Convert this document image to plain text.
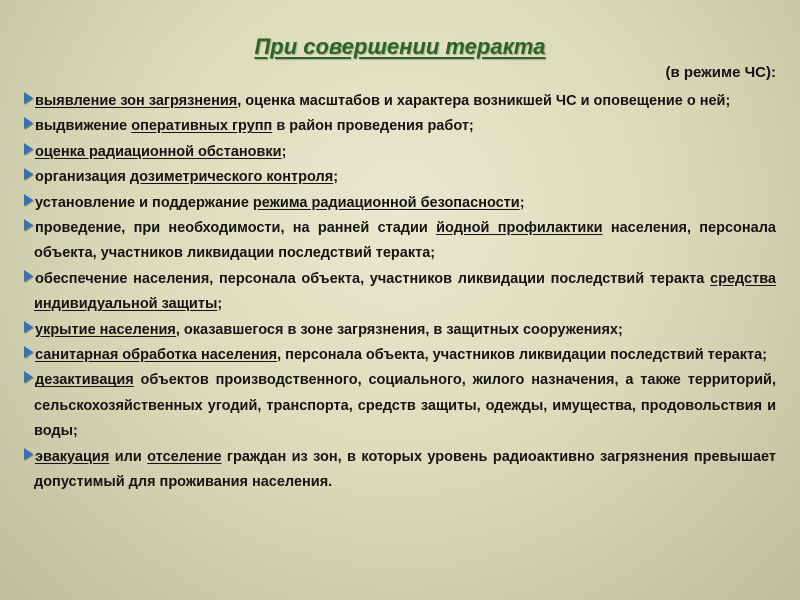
При совершении теракта
(в режиме ЧС):
выявление зон загрязнения, оценка масштабов и характера возникшей ЧС и оповещение о ней;
выдвижение оперативных групп в район проведения работ;
оценка радиационной обстановки;
организация дозиметрического контроля;
установление и поддержание режима радиационной безопасности;
проведение, при необходимости, на ранней стадии йодной профилактики населения, персонала объекта, участников ликвидации последствий теракта;
обеспечение населения, персонала объекта, участников ликвидации последствий теракта средства индивидуальной защиты;
укрытие населения, оказавшегося в зоне загрязнения, в защитных сооружениях;
санитарная обработка населения, персонала объекта, участников ликвидации последствий теракта;
дезактивация объектов производственного, социального, жилого назначения, а также территорий, сельскохозяйственных угодий, транспорта, средств защиты, одежды, имущества, продовольствия и воды;
эвакуация или отселение граждан из зон, в которых уровень радиоактивно загрязнения превышает допустимый для проживания населения.
